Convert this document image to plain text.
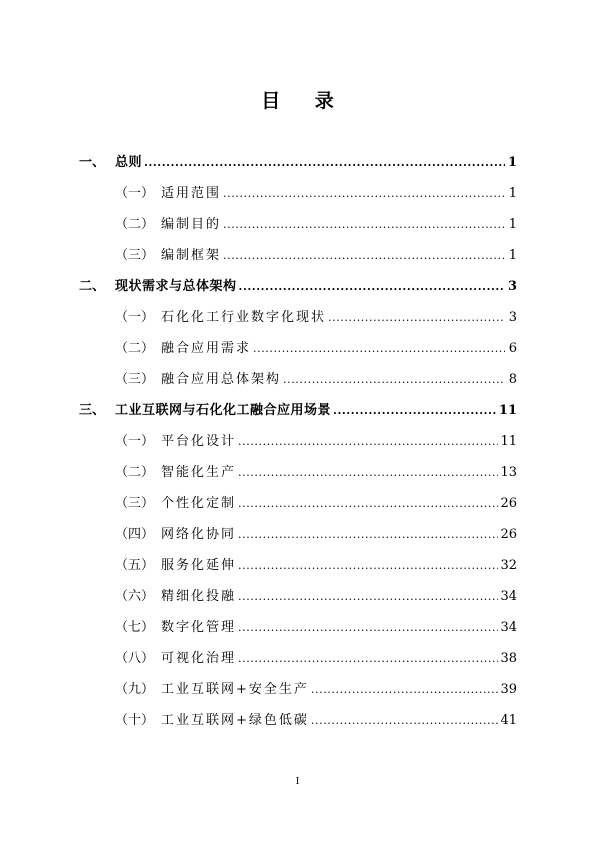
目 录
一、 总则 .....	1
（一） 适用范围 .....	1
（二） 编制目的 .....	1
（三） 编制框架 .....	1
二、 现状需求与总体架构 .....	3
（一） 石化化工行业数字化现状 .....	3
（二） 融合应用需求 .....	6
（三） 融合应用总体架构 .....	8
三、 工业互联网与石化化工融合应用场景 .....	11
（一） 平台化设计 .....	11
（二） 智能化生产 .....	13
（三） 个性化定制 .....	26
（四） 网络化协同 .....	26
（五） 服务化延伸 .....	32
（六） 精细化投融 .....	34
（七） 数字化管理 .....	34
（八） 可视化治理 .....	38
（九） 工业互联网+安全生产 .....	39
（十） 工业互联网+绿色低碳 .....	41
I
